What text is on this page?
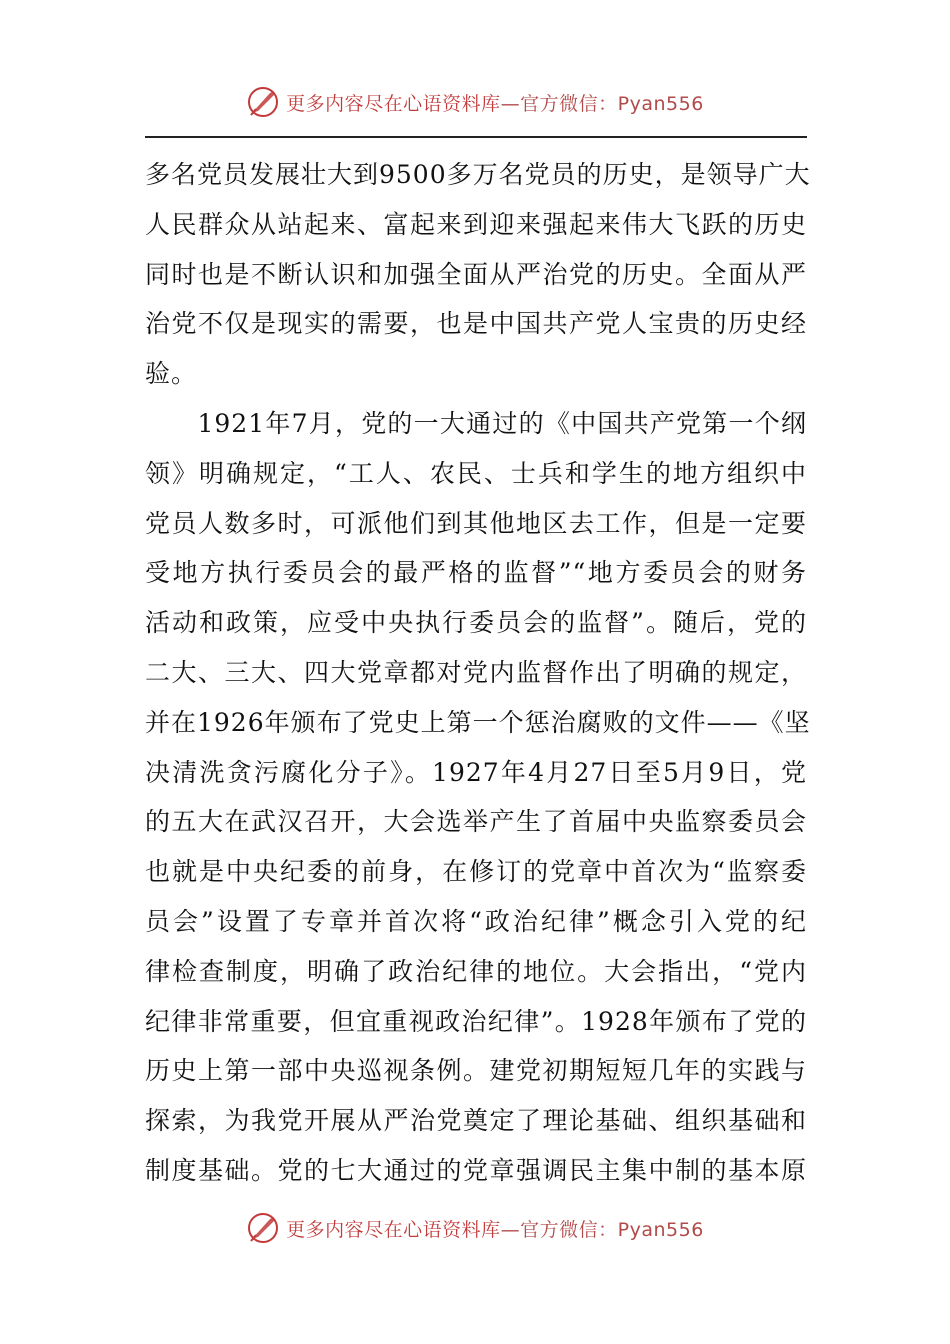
更多内容尽在心语资料库—官方微信：Pyan556
多名党员发展壮大到9500多万名党员的历史，是领导广大
人民群众从站起来、富起来到迎来强起来伟大飞跃的历史
同时也是不断认识和加强全面从严治党的历史。全面从严
治党不仅是现实的需要，也是中国共产党人宝贵的历史经
验。
　　1921年7月，党的一大通过的《中国共产党第一个纲
领》明确规定，“工人、农民、士兵和学生的地方组织中
党员人数多时，可派他们到其他地区去工作，但是一定要
受地方执行委员会的最严格的监督”“地方委员会的财务
活动和政策，应受中央执行委员会的监督”。随后，党的
二大、三大、四大党章都对党内监督作出了明确的规定，
并在1926年颁布了党史上第一个惩治腐败的文件——《坚
决清洗贪污腐化分子》。1927年4月27日至5月9日，党
的五大在武汉召开，大会选举产生了首届中央监察委员会
也就是中央纪委的前身，在修订的党章中首次为“监察委
员会”设置了专章并首次将“政治纪律”概念引入党的纪
律检查制度，明确了政治纪律的地位。大会指出，“党内
纪律非常重要，但宜重视政治纪律”。1928年颁布了党的
历史上第一部中央巡视条例。建党初期短短几年的实践与
探索，为我党开展从严治党奠定了理论基础、组织基础和
制度基础。党的七大通过的党章强调民主集中制的基本原
更多内容尽在心语资料库—官方微信：Pyan556
